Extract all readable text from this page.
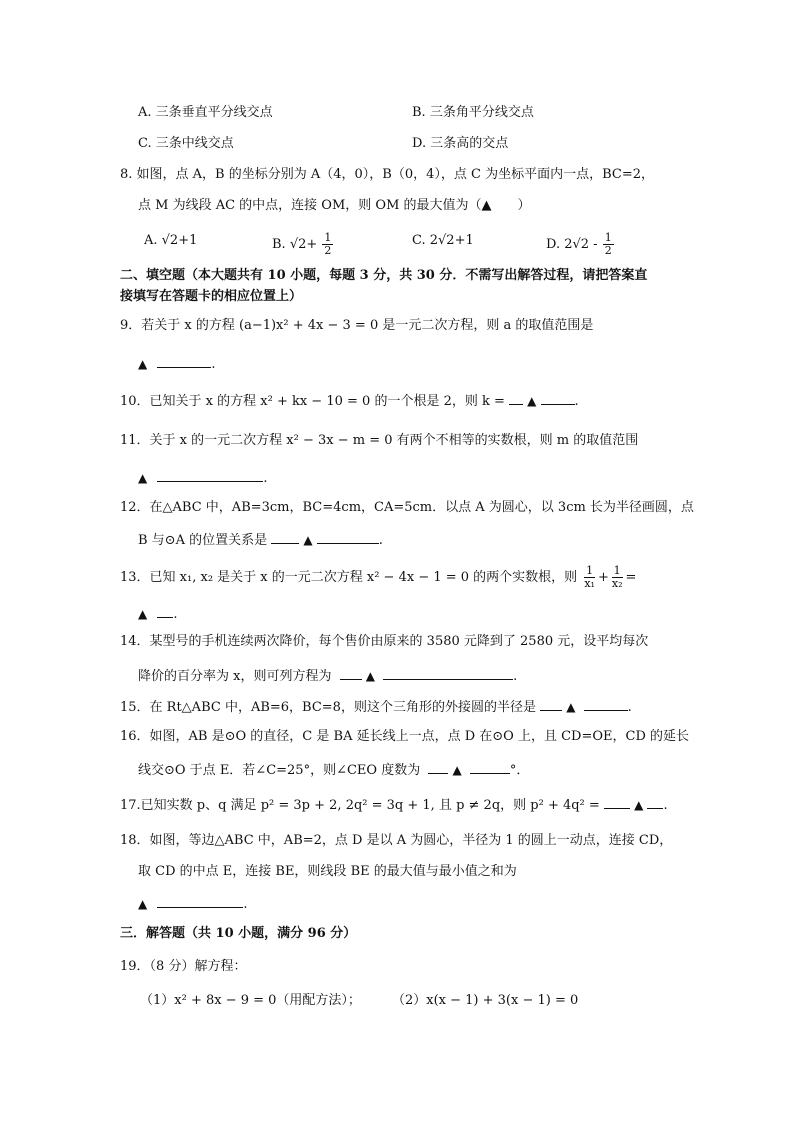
A. 三条垂直平分线交点	B. 三条角平分线交点
C. 三条中线交点	D. 三条高的交点
8. 如图，点 A，B 的坐标分别为 A（4，0），B（0，4），点 C 为坐标平面内一点，BC=2，
点 M 为线段 AC 的中点，连接 OM，则 OM 的最大值为（▲　　）
A. √2+1	B. $√2+ \frac{1}{2}$	C. 2√2+1	D. $2√2 - \frac{1}{2}$
二、填空题（本大题共有 10 小题，每题 3 分，共 30 分．不需写出解答过程，请把答案直
接填写在答题卡的相应位置上）
9．若关于 x 的方程 (a−1)x² + 4x − 3 = 0 是一元二次方程，则 a 的取值范围是
▲	.
10．已知关于 x 的方程 x² + kx − 10 = 0 的一个根是 2，则 k = ▲	.
11．关于 x 的一元二次方程 x² − 3x − m = 0 有两个不相等的实数根，则 m 的取值范围
▲	.
12．在△ABC 中，AB=3cm，BC=4cm，CA=5cm．以点 A 为圆心，以 3cm 长为半径画圆，点
B 与⊙A 的位置关系是	▲	.
13．已知 x₁, x₂ 是关于 x 的一元二次方程 x² − 4x − 1 = 0 的两个实数根，则 $\frac{1}{\text{x₁}} + \frac{1}{\text{x₂}}$ =
▲ .
14．某型号的手机连续两次降价，每个售价由原来的 3580 元降到了 2580 元，设平均每次
降价的百分率为 x，则可列方程为	▲	.
15．在 Rt△ABC 中，AB=6，BC=8，则这个三角形的外接圆的半径是	▲	.
16．如图，AB 是⊙O 的直径，C 是 BA 延长线上一点，点 D 在⊙O 上，且 CD=OE，CD 的延长
线交⊙O 于点 E．若∠C=25°，则∠CEO 度数为	▲	°．
17.已知实数 p、q 满足 p² = 3p + 2, 2q² = 3q + 1, 且 p ≠ 2q，则 p² + 4q² =	▲ .
18．如图，等边△ABC 中，AB=2，点 D 是以 A 为圆心，半径为 1 的圆上一动点，连接 CD，
取 CD 的中点 E，连接 BE，则线段 BE 的最大值与最小值之和为
▲	.
三．解答题（共 10 小题，满分 96 分）
19．（8 分）解方程：
（1）x² + 8x − 9 = 0（用配方法）； （2）x(x − 1) + 3(x − 1) = 0
